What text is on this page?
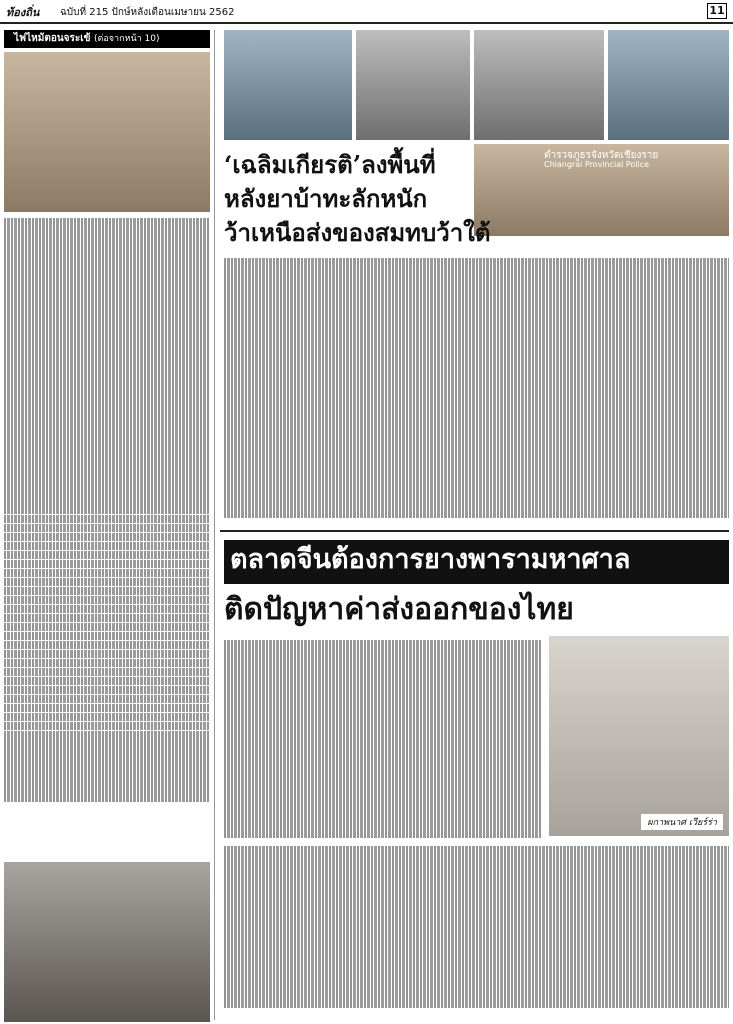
ท้องถิ่น ฉบับที่ 215 ปักษ์หลังเดือนเมษายน 2562	11
ไฟไหม้ตอนจระเข้ (ต่อจากหน้า 10)
ตำรวจภูธรจังหวัดเชียงราย
Chiangrai Provincial Police
‘เฉลิมเกียรติ’ลงพื้นที่
หลังยาบ้าทะลักหนัก
ว้าเหนือส่งของสมทบว้าใต้
ตลาดจีนต้องการยางพารามหาศาล
ติดปัญหาค่าส่งออกของไทย
ผกาพนาศ เวียร์ร่า
